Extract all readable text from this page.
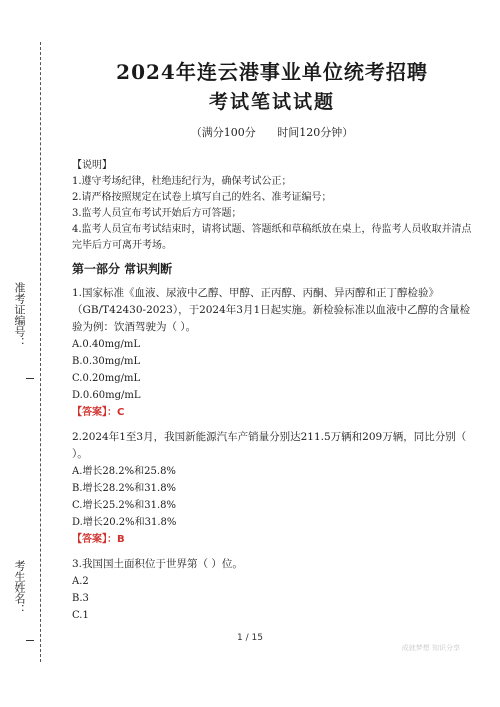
准考证编号：
考生姓名：
2024年连云港事业单位统考招聘
考试笔试试题
（满分100分 时间120分钟）

【说明】

1.遵守考场纪律，杜绝违纪行为，确保考试公正；

2.请严格按照规定在试卷上填写自己的姓名、准考证编号；

3.监考人员宣布考试开始后方可答题；

4.监考人员宣布考试结束时，请将试题、答题纸和草稿纸放在桌上，待监考人员收取并清点完毕后方可离开考场。

第一部分 常识判断

1.国家标准《血液、尿液中乙醇、甲醇、正丙醇、丙酮、异丙醇和正丁醇检验》（GB/T42430-2023），于2024年3月1日起实施。新检验标准以血液中乙醇的含量检验为例：饮酒驾驶为（ ）。

A.0.40mg/mL
B.0.30mg/mL
C.0.20mg/mL
D.0.60mg/mL
【答案】：C

2.2024年1至3月，我国新能源汽车产销量分别达211.5万辆和209万辆，同比分别（ ）。

A.增长28.2%和25.8%
B.增长28.2%和31.8%
C.增长25.2%和31.8%
D.增长20.2%和31.8%
【答案】：B

3.我国国土面积位于世界第（ ）位。

A.2
B.3
C.1
1 / 15
成就梦想 知识分享
